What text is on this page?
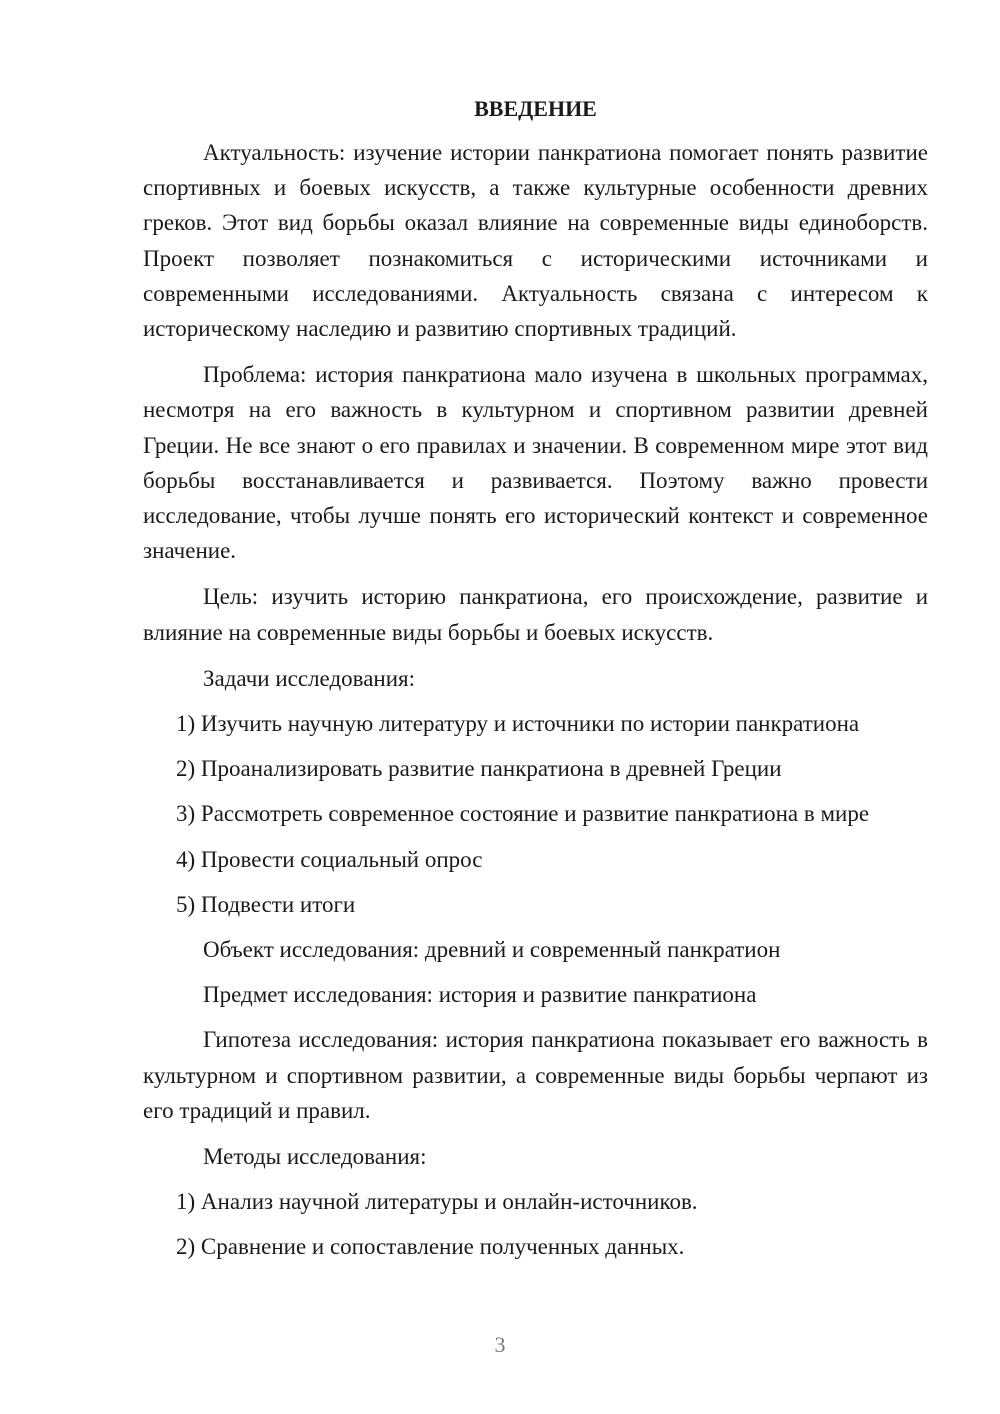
ВВЕДЕНИЕ

Актуальность: изучение истории панкратиона помогает понять развитие спортивных и боевых искусств, а также культурные особенности древних греков. Этот вид борьбы оказал влияние на современные виды единоборств. Проект позволяет познакомиться с историческими источниками и современными исследованиями. Актуальность связана с интересом к историческому наследию и развитию спортивных традиций.

Проблема: история панкратиона мало изучена в школьных программах, несмотря на его важность в культурном и спортивном развитии древней Греции. Не все знают о его правилах и значении. В современном мире этот вид борьбы восстанавливается и развивается. Поэтому важно провести исследование, чтобы лучше понять его исторический контекст и современное значение.

Цель: изучить историю панкратиона, его происхождение, развитие и влияние на современные виды борьбы и боевых искусств.

Задачи исследования:

1) Изучить научную литературу и источники по истории панкратиона

2) Проанализировать развитие панкратиона в древней Греции

3) Рассмотреть современное состояние и развитие панкратиона в мире

4) Провести социальный опрос

5) Подвести итоги

Объект исследования: древний и современный панкратион

Предмет исследования: история и развитие панкратиона

Гипотеза исследования: история панкратиона показывает его важность в культурном и спортивном развитии, а современные виды борьбы черпают из его традиций и правил.

Методы исследования:

1) Анализ научной литературы и онлайн-источников.

2) Сравнение и сопоставление полученных данных.

3
